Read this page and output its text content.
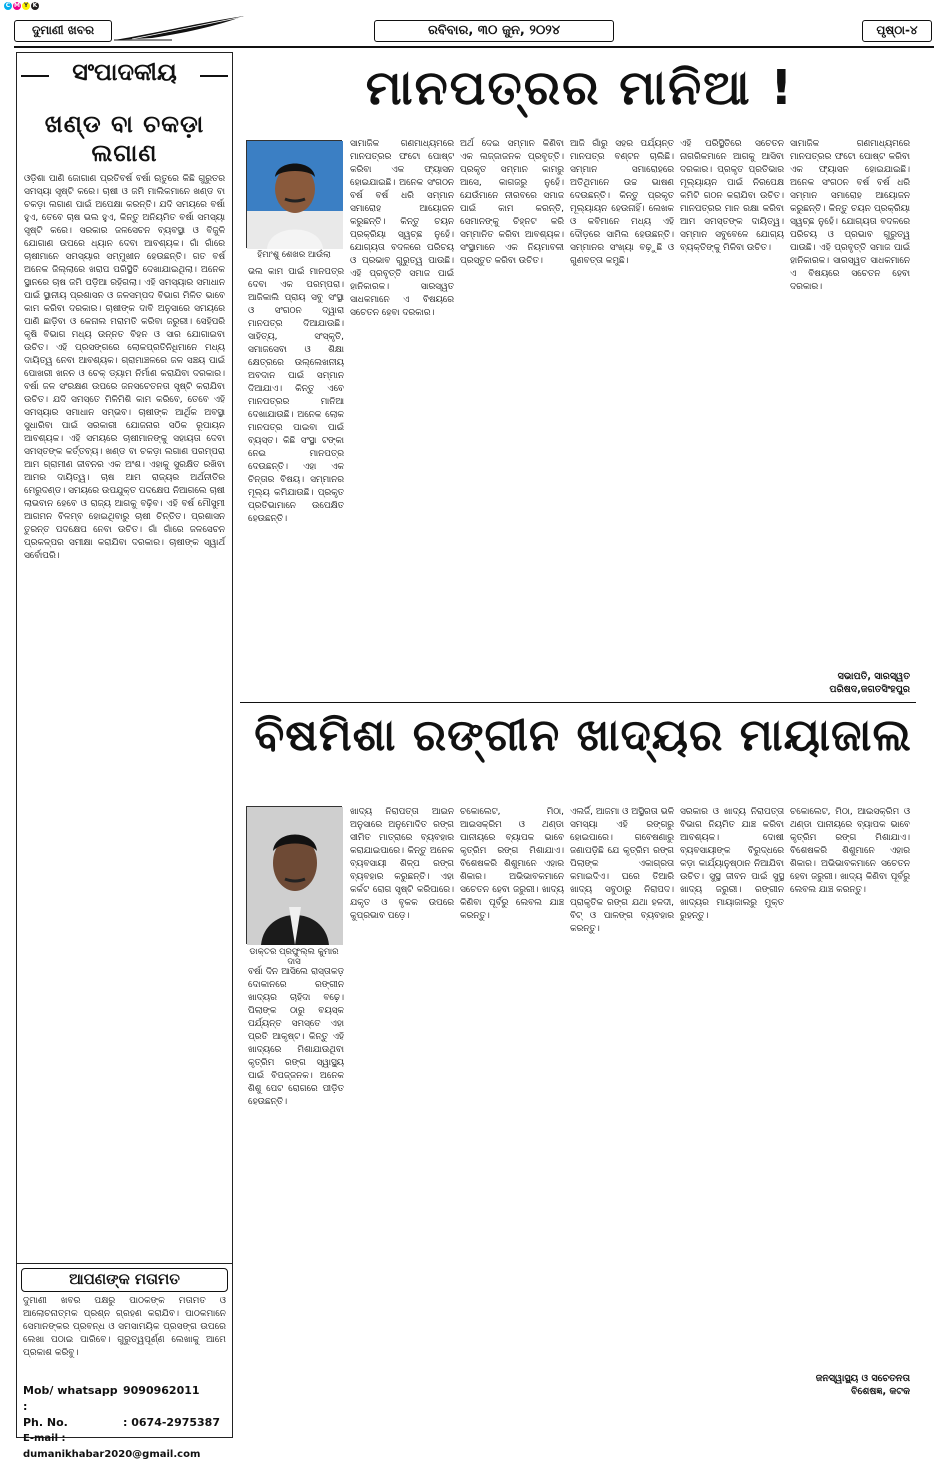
C M Y K
ଦୁମାଣୀ ଖବର	ରବିବାର, ୩୦ ଜୁନ, ୨୦୨୪	ପୃଷ୍ଠା-୪
ସଂପାଦକୀୟ
ଖଣ୍ଡ ବା ଚକଡ଼ା ଲଗାଣ
ଓଡ଼ିଶା ପାଣି ଜୋଗାଣ ପ୍ରତିବର୍ଷ ବର୍ଷା ଋତୁରେ କିଛି ଗୁରୁତର ସମସ୍ୟା ସୃଷ୍ଟି କରେ। ଚାଷୀ ଓ ଜମି ମାଲିକମାନେ ଖଣ୍ଡ ବା ଚକଡ଼ା ଲଗାଣ ପାଇଁ ଅପେକ୍ଷା କରନ୍ତି। ଯଦି ସମୟରେ ବର୍ଷା ହୁଏ, ତେବେ ଚାଷ ଭଲ ହୁଏ, କିନ୍ତୁ ଅନିୟମିତ ବର୍ଷା ସମସ୍ୟା ସୃଷ୍ଟି କରେ। ସରକାର ଜଳସେଚନ ବ୍ୟବସ୍ଥା ଓ ବିଜୁଳି ଯୋଗାଣ ଉପରେ ଧ୍ୟାନ ଦେବା ଆବଶ୍ୟକ। ଗାଁ ଗାଁରେ ଚାଷୀମାନେ ସମସ୍ୟାର ସମ୍ମୁଖୀନ ହେଉଛନ୍ତି। ଗତ ବର୍ଷ ଅନେକ ଜିଲ୍ଲାରେ ଖରାପ ପରିସ୍ଥିତି ଦେଖାଯାଇଥିଲା। ଅନେକ ସ୍ଥାନରେ ଚାଷ ଜମି ପଡ଼ିଆ ରହିଗଲା। ଏହି ସମସ୍ୟାର ସମାଧାନ ପାଇଁ ସ୍ଥାନୀୟ ପ୍ରଶାସନ ଓ ଜଳସମ୍ପଦ ବିଭାଗ ମିଳିତ ଭାବେ କାମ କରିବା ଦରକାର। ଚାଷୀଙ୍କ ଦାବି ଅନୁସାରେ ସମୟରେ ପାଣି ଛାଡ଼ିବା ଓ କେନାଲ ମରାମତି କରିବା ଜରୁରୀ। ସେହିପରି କୃଷି ବିଭାଗ ମଧ୍ୟ ଉନ୍ନତ ବିହନ ଓ ସାର ଯୋଗାଇବା ଉଚିତ। ଏହି ପ୍ରସଙ୍ଗରେ ଲୋକପ୍ରତିନିଧିମାନେ ମଧ୍ୟ ଦାୟିତ୍ୱ ନେବା ଆବଶ୍ୟକ। ଗ୍ରାମାଞ୍ଚଳରେ ଜଳ ସଞ୍ଚୟ ପାଇଁ ପୋଖରୀ ଖନନ ଓ ଚେକ୍ ଡ୍ୟାମ ନିର୍ମାଣ କରାଯିବା ଦରକାର। ବର୍ଷା ଜଳ ସଂରକ୍ଷଣ ଉପରେ ଜନସଚେତନତା ସୃଷ୍ଟି କରାଯିବା ଉଚିତ। ଯଦି ସମସ୍ତେ ମିଳିମିଶି କାମ କରିବେ, ତେବେ ଏହି ସମସ୍ୟାର ସମାଧାନ ସମ୍ଭବ। ଚାଷୀଙ୍କ ଆର୍ଥିକ ଅବସ୍ଥା ସୁଧାରିବା ପାଇଁ ସରକାରୀ ଯୋଜନାର ସଠିକ ରୂପାୟନ ଆବଶ୍ୟକ। ଏହି ସମୟରେ ଚାଷୀମାନଙ୍କୁ ସହାୟତା ଦେବା ସମସ୍ତଙ୍କ କର୍ତ୍ତବ୍ୟ। ଖଣ୍ଡ ବା ଚକଡ଼ା ଲଗାଣ ପରମ୍ପରା ଆମ ଗ୍ରାମୀଣ ଜୀବନର ଏକ ଅଂଶ। ଏହାକୁ ସୁରକ୍ଷିତ ରଖିବା ଆମର ଦାୟିତ୍ୱ। ଚାଷ ଆମ ରାଜ୍ୟର ଅର୍ଥନୀତିର ମେରୁଦଣ୍ଡ। ସମୟରେ ଉପଯୁକ୍ତ ପଦକ୍ଷେପ ନିଆଗଲେ ଚାଷୀ ଲାଭବାନ ହେବେ ଓ ରାଜ୍ୟ ଆଗକୁ ବଢ଼ିବ। ଏହି ବର୍ଷ ମୌସୁମୀ ଆଗମନ ବିଳମ୍ବ ହୋଇଥିବାରୁ ଚାଷୀ ଚିନ୍ତିତ। ପ୍ରଶାସନ ତୁରନ୍ତ ପଦକ୍ଷେପ ନେବା ଉଚିତ। ଗାଁ ଗାଁରେ ଜଳସେଚନ ପ୍ରକଳ୍ପର ସମୀକ୍ଷା କରାଯିବା ଦରକାର। ଚାଷୀଙ୍କ ସ୍ୱାର୍ଥ ସର୍ବୋପରି।
ଆପଣଙ୍କ ମତାମତ
ଦୁମାଣୀ ଖବର ପକ୍ଷରୁ ପାଠକଙ୍କ ମତାମତ ଓ ଆଲୋଚନାତ୍ମକ ପ୍ରଶ୍ନ ଗ୍ରହଣ କରାଯିବ। ପାଠକମାନେ ସେମାନଙ୍କର ପ୍ରବନ୍ଧ ଓ ସମସାମୟିକ ପ୍ରସଙ୍ଗ ଉପରେ ଲେଖା ପଠାଇ ପାରିବେ। ଗୁରୁତ୍ୱପୂର୍ଣ୍ଣ ଲେଖାକୁ ଆମେ ପ୍ରକାଶ କରିବୁ।
Mob/ whatsapp :
9090962011
Ph. No.	: 0674-2975387
E-mail : dumanikhabar2020@gmail.com
ମାନପତ୍ରର ମାନିଆ !
ହିମାଂଶୁ ଶେଖର ଆଉଁଲା
ଭଲ କାମ ପାଇଁ ମାନପତ୍ର ଦେବା ଏକ ପରମ୍ପରା। ଆଜିକାଲି ପ୍ରାୟ ସବୁ ସଂସ୍ଥା ଓ ସଂଗଠନ ଦ୍ୱାରା ମାନପତ୍ର ଦିଆଯାଉଛି। ସାହିତ୍ୟ, ସଂସ୍କୃତି, ସମାଜସେବା ଓ ଶିକ୍ଷା କ୍ଷେତ୍ରରେ ଉଲ୍ଲେଖନୀୟ ଅବଦାନ ପାଇଁ ସମ୍ମାନ ଦିଆଯାଏ। କିନ୍ତୁ ଏବେ ମାନପତ୍ରର ମାନିଆ ଦେଖାଯାଉଛି। ଅନେକ ଲୋକ ମାନପତ୍ର ପାଇବା ପାଇଁ ବ୍ୟସ୍ତ। କିଛି ସଂସ୍ଥା ଟଙ୍କା ନେଇ ମାନପତ୍ର ଦେଉଛନ୍ତି। ଏହା ଏକ ଚିନ୍ତାର ବିଷୟ। ସମ୍ମାନର ମୂଲ୍ୟ କମିଯାଉଛି। ପ୍ରକୃତ ପ୍ରତିଭାମାନେ ଉପେକ୍ଷିତ ହେଉଛନ୍ତି।
ସାମାଜିକ ଗଣମାଧ୍ୟମରେ ମାନପତ୍ରର ଫଟୋ ପୋଷ୍ଟ କରିବା ଏକ ଫ୍ୟାସନ ହୋଇଯାଇଛି। ଅନେକ ସଂଗଠନ ବର୍ଷ ବର୍ଷ ଧରି ସମ୍ମାନ ସମାରୋହ ଆୟୋଜନ କରୁଛନ୍ତି। କିନ୍ତୁ ଚୟନ ପ୍ରକ୍ରିୟା ସ୍ୱଚ୍ଛ ନୁହେଁ। ଯୋଗ୍ୟତା ବଦଳରେ ପରିଚୟ ଓ ପ୍ରଭାବ ଗୁରୁତ୍ୱ ପାଉଛି। ଏହି ପ୍ରବୃତ୍ତି ସମାଜ ପାଇଁ ହାନିକାରକ। ସାରସ୍ୱତ ସାଧକମାନେ ଏ ବିଷୟରେ ସଚେତନ ହେବା ଦରକାର।
ଅର୍ଥ ଦେଇ ସମ୍ମାନ କିଣିବା ଏକ ଲଜ୍ଜାଜନକ ପ୍ରବୃତ୍ତି। ପ୍ରକୃତ ସମ୍ମାନ କାମରୁ ଆସେ, କାଗଜରୁ ନୁହେଁ। ଯେଉଁମାନେ ନୀରବରେ ସମାଜ ପାଇଁ କାମ କରନ୍ତି, ସେମାନଙ୍କୁ ଚିହ୍ନଟ କରି ସମ୍ମାନିତ କରିବା ଆବଶ୍ୟକ। ସଂସ୍ଥାମାନେ ଏକ ନିୟମାବଳୀ ପ୍ରସ୍ତୁତ କରିବା ଉଚିତ।
ଆଜି ଗାଁରୁ ସହର ପର୍ଯ୍ୟନ୍ତ ମାନପତ୍ର ବଣ୍ଟନ ଚାଲିଛି। ସମ୍ମାନ ସମାରୋହରେ ଅତିଥିମାନେ ଉଚ୍ଚ ଭାଷଣ ଦେଉଛନ୍ତି। କିନ୍ତୁ ପ୍ରକୃତ ମୂଲ୍ୟାୟନ ହେଉନାହିଁ। ଲେଖକ ଓ କବିମାନେ ମଧ୍ୟ ଏହି ଦୌଡ଼ରେ ସାମିଲ ହେଉଛନ୍ତି। ସମ୍ମାନର ସଂଖ୍ୟା ବଢ଼ୁଛି ଓ ଗୁଣବତ୍ତା କମୁଛି।
ଏହି ପରିସ୍ଥିତିରେ ସଚେତନ ନାଗରିକମାନେ ଆଗକୁ ଆସିବା ଦରକାର। ପ୍ରକୃତ ପ୍ରତିଭାର ମୂଲ୍ୟାୟନ ପାଇଁ ନିରପେକ୍ଷ କମିଟି ଗଠନ କରାଯିବା ଉଚିତ। ମାନପତ୍ରର ମାନ ରକ୍ଷା କରିବା ଆମ ସମସ୍ତଙ୍କ ଦାୟିତ୍ୱ। ସମ୍ମାନ ସବୁବେଳେ ଯୋଗ୍ୟ ବ୍ୟକ୍ତିଙ୍କୁ ମିଳିବା ଉଚିତ।
ସାମାଜିକ ଗଣମାଧ୍ୟମରେ ମାନପତ୍ରର ଫଟୋ ପୋଷ୍ଟ କରିବା ଏକ ଫ୍ୟାସନ ହୋଇଯାଇଛି। ଅନେକ ସଂଗଠନ ବର୍ଷ ବର୍ଷ ଧରି ସମ୍ମାନ ସମାରୋହ ଆୟୋଜନ କରୁଛନ୍ତି। କିନ୍ତୁ ଚୟନ ପ୍ରକ୍ରିୟା ସ୍ୱଚ୍ଛ ନୁହେଁ। ଯୋଗ୍ୟତା ବଦଳରେ ପରିଚୟ ଓ ପ୍ରଭାବ ଗୁରୁତ୍ୱ ପାଉଛି। ଏହି ପ୍ରବୃତ୍ତି ସମାଜ ପାଇଁ ହାନିକାରକ। ସାରସ୍ୱତ ସାଧକମାନେ ଏ ବିଷୟରେ ସଚେତନ ହେବା ଦରକାର।
ସଭାପତି, ସାରସ୍ୱତ ପରିଷଦ,ଜଗତସିଂହପୁର
ବିଷମିଶା ରଙ୍ଗୀନ ଖାଦ୍ୟର ମାୟାଜାଲ
ଡାକ୍ତର ପ୍ରଫୁଲ୍ଲ କୁମାର ଦାସ
ବର୍ଷା ଦିନ ଆସିଲେ ରାସ୍ତାକଡ଼ ଦୋକାନରେ ରଙ୍ଗୀନ ଖାଦ୍ୟର ଚାହିଦା ବଢ଼େ। ପିଲାଙ୍କ ଠାରୁ ବୟସ୍କ ପର୍ଯ୍ୟନ୍ତ ସମସ୍ତେ ଏହା ପ୍ରତି ଆକୃଷ୍ଟ। କିନ୍ତୁ ଏହି ଖାଦ୍ୟରେ ମିଶାଯାଉଥିବା କୃତ୍ରିମ ରଙ୍ଗ ସ୍ୱାସ୍ଥ୍ୟ ପାଇଁ ବିପଜ୍ଜନକ। ଅନେକ ଶିଶୁ ପେଟ ରୋଗରେ ପୀଡ଼ିତ ହେଉଛନ୍ତି।
ଖାଦ୍ୟ ନିରାପତ୍ତା ଆଇନ ଅନୁସାରେ ଅନୁମୋଦିତ ରଙ୍ଗ ସୀମିତ ମାତ୍ରାରେ ବ୍ୟବହାର କରାଯାଇପାରେ। କିନ୍ତୁ ଅନେକ ବ୍ୟବସାୟୀ ଶିଳ୍ପ ରଙ୍ଗ ବ୍ୟବହାର କରୁଛନ୍ତି। ଏହା କର୍କଟ ରୋଗ ସୃଷ୍ଟି କରିପାରେ। ଯକୃତ ଓ ବୃକକ ଉପରେ କୁପ୍ରଭାବ ପଡ଼େ।
ଚକୋଲେଟ, ମିଠା, ଆଇସକ୍ରିମ ଓ ଥଣ୍ଡା ପାନୀୟରେ ବ୍ୟାପକ ଭାବେ କୃତ୍ରିମ ରଙ୍ଗ ମିଶାଯାଏ। ବିଶେଷକରି ଶିଶୁମାନେ ଏହାର ଶିକାର। ଅଭିଭାବକମାନେ ସଚେତନ ହେବା ଜରୁରୀ। ଖାଦ୍ୟ କିଣିବା ପୂର୍ବରୁ ଲେବଲ ଯାଞ୍ଚ କରନ୍ତୁ।
ଏଲର୍ଜି, ଆଜମା ଓ ଅସ୍ଥିରତା ଭଳି ସମସ୍ୟା ଏହି ରଙ୍ଗରୁ ହୋଇପାରେ। ଗବେଷଣାରୁ ଜଣାପଡ଼ିଛି ଯେ କୃତ୍ରିମ ରଙ୍ଗ ପିଲାଙ୍କ ଏକାଗ୍ରତା କମାଇଦିଏ। ଘରେ ତିଆରି ଖାଦ୍ୟ ସବୁଠାରୁ ନିରାପଦ। ପ୍ରାକୃତିକ ରଙ୍ଗ ଯଥା ହଳଦୀ, ବିଟ୍ ଓ ପାଳଙ୍ଗ ବ୍ୟବହାର କରନ୍ତୁ।
ସରକାର ଓ ଖାଦ୍ୟ ନିରାପତ୍ତା ବିଭାଗ ନିୟମିତ ଯାଞ୍ଚ କରିବା ଆବଶ୍ୟକ। ଦୋଷୀ ବ୍ୟବସାୟୀଙ୍କ ବିରୁଦ୍ଧରେ କଡ଼ା କାର୍ଯ୍ୟାନୁଷ୍ଠାନ ନିଆଯିବା ଉଚିତ। ସୁସ୍ଥ ଜୀବନ ପାଇଁ ସୁସ୍ଥ ଖାଦ୍ୟ ଜରୁରୀ। ରଙ୍ଗୀନ ଖାଦ୍ୟର ମାୟାଜାଲରୁ ମୁକ୍ତ ରୁହନ୍ତୁ।
ଚକୋଲେଟ, ମିଠା, ଆଇସକ୍ରିମ ଓ ଥଣ୍ଡା ପାନୀୟରେ ବ୍ୟାପକ ଭାବେ କୃତ୍ରିମ ରଙ୍ଗ ମିଶାଯାଏ। ବିଶେଷକରି ଶିଶୁମାନେ ଏହାର ଶିକାର। ଅଭିଭାବକମାନେ ସଚେତନ ହେବା ଜରୁରୀ। ଖାଦ୍ୟ କିଣିବା ପୂର୍ବରୁ ଲେବଲ ଯାଞ୍ଚ କରନ୍ତୁ।
ଜନସ୍ୱାସ୍ଥ୍ୟ ଓ ସଚେତନତା ବିଶେଷଜ୍ଞ, କଟକ
